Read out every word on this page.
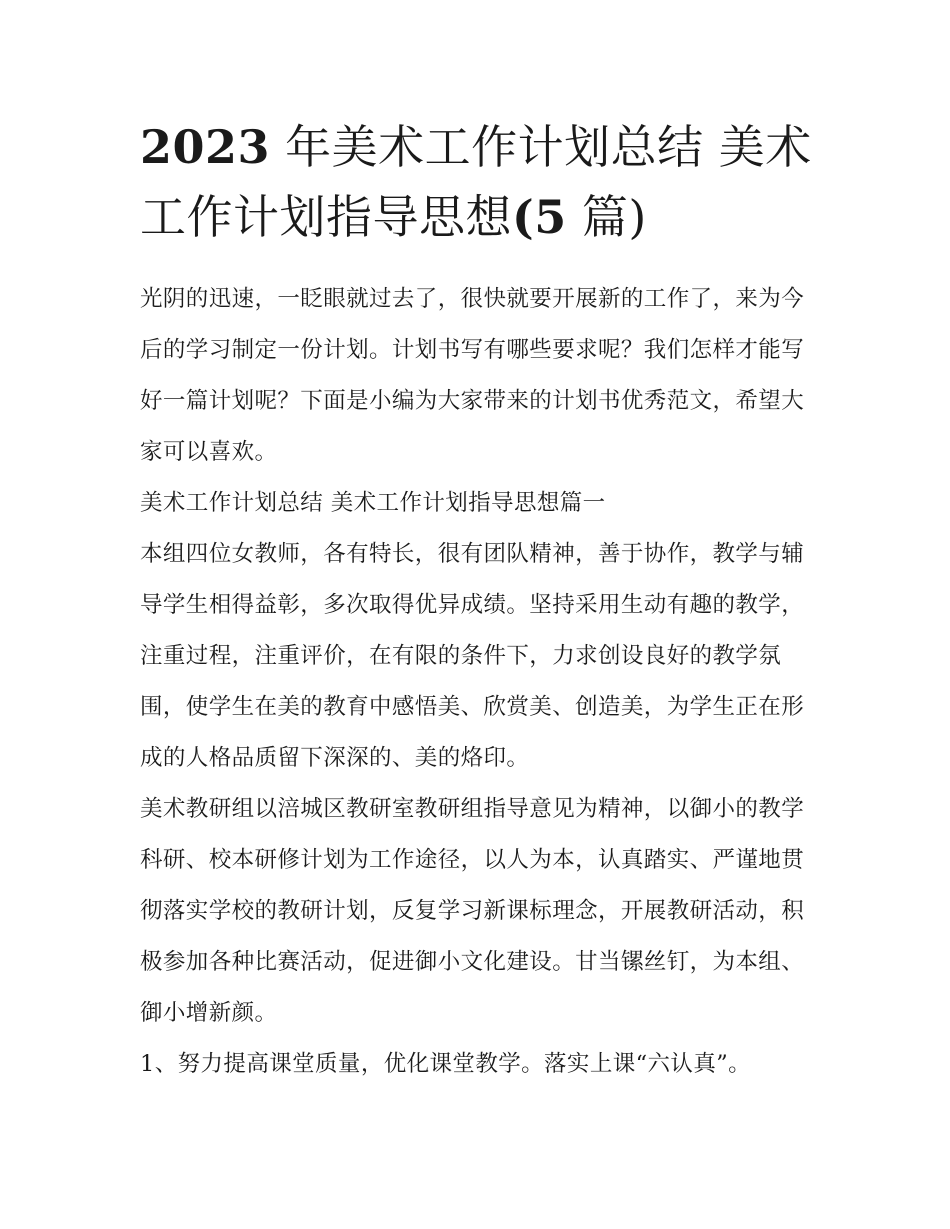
2023 年美术工作计划总结 美术工作计划指导思想(5 篇)

光阴的迅速，一眨眼就过去了，很快就要开展新的工作了，来为今后的学习制定一份计划。计划书写有哪些要求呢？我们怎样才能写好一篇计划呢？下面是小编为大家带来的计划书优秀范文，希望大家可以喜欢。

美术工作计划总结 美术工作计划指导思想篇一

本组四位女教师，各有特长，很有团队精神，善于协作，教学与辅导学生相得益彰，多次取得优异成绩。坚持采用生动有趣的教学，注重过程，注重评价，在有限的条件下，力求创设良好的教学氛围，使学生在美的教育中感悟美、欣赏美、创造美，为学生正在形成的人格品质留下深深的、美的烙印。

美术教研组以涪城区教研室教研组指导意见为精神，以御小的教学科研、校本研修计划为工作途径，以人为本，认真踏实、严谨地贯彻落实学校的教研计划，反复学习新课标理念，开展教研活动，积极参加各种比赛活动，促进御小文化建设。甘当镙丝钉，为本组、御小增新颜。

1、努力提高课堂质量，优化课堂教学。落实上课“六认真”。
